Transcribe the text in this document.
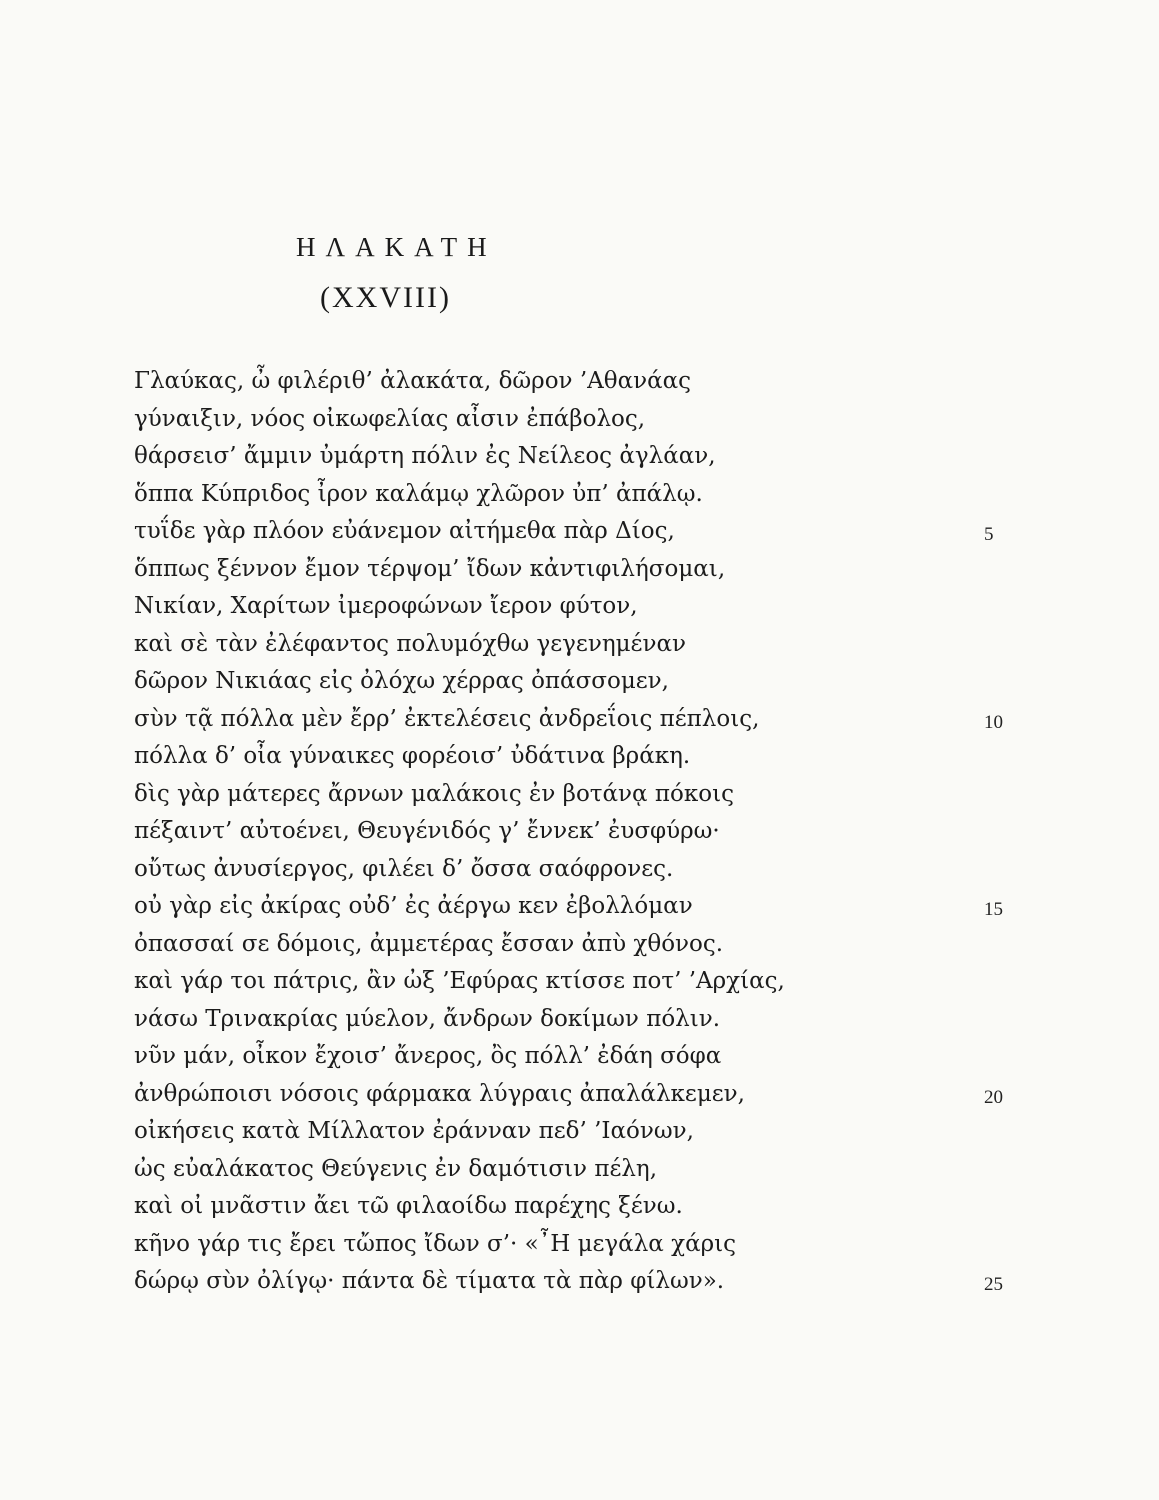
ΗΛΑΚΑΤΗ
(XXVIII)
Γλαύκας, ὦ φιλέριθ’ ἀλακάτα, δῶρον ’Αθανάας
γύναιξιν, νόος οἰκωφελίας αἶσιν ἐπάβολος,
θάρσεισ’ ἄμμιν ὐμάρτη πόλιν ἐς Νείλεος ἀγλάαν,
ὅππα Κύπριδος ἶρον καλάμῳ χλῶρον ὐπ’ ἀπάλῳ.
τυΐδε γὰρ πλόον εὐάνεμον αἰτήμεθα πὰρ Δίος,	5
ὅππως ξέννον ἔμον τέρψομ’ ἴδων κἀντιφιλήσομαι,
Νικίαν, Χαρίτων ἰμεροφώνων ἴερον φύτον,
καὶ σὲ τὰν ἐλέφαντος πολυμόχθω γεγενημέναν
δῶρον Νικιάας εἰς ὀλόχω χέρρας ὀπάσσομεν,
σὺν τᾷ πόλλα μὲν ἔρρ’ ἐκτελέσεις ἀνδρεΐοις πέπλοις,	10
πόλλα δ’ οἶα γύναικες φορέοισ’ ὐδάτινα βράκη.
δὶς γὰρ μάτερες ἄρνων μαλάκοις ἐν βοτάνᾳ πόκοις
πέξαιντ’ αὐτοένει, Θευγένιδός γ’ ἔννεκ’ ἐυσφύρω·
οὔτως ἀνυσίεργος, φιλέει δ’ ὄσσα σαόφρονες.
οὐ γὰρ εἰς ἀκίρας οὐδ’ ἐς ἀέργω κεν ἐβολλόμαν	15
ὀπασσαί σε δόμοις, ἀμμετέρας ἔσσαν ἀπὺ χθόνος.
καὶ γάρ τοι πάτρις, ἂν ὠξ ’Εφύρας κτίσσε ποτ’ ’Αρχίας,
νάσω Τρινακρίας μύελον, ἄνδρων δοκίμων πόλιν.
νῦν μάν, οἶκον ἔχοισ’ ἄνερος, ὂς πόλλ’ ἐδάη σόφα
ἀνθρώποισι νόσοις φάρμακα λύγραις ἀπαλάλκεμεν,	20
οἰκήσεις κατὰ Μίλλατον ἐράνναν πεδ’ ’Ιαόνων,
ὠς εὐαλάκατος Θεύγενις ἐν δαμότισιν πέλη,
καὶ οἰ μνᾶστιν ἄει τῶ φιλαοίδω παρέχης ξένω.
κῆνο γάρ τις ἔρει τὤπος ἴδων σ’· «῏Η μεγάλα χάρις
δώρῳ σὺν ὀλίγῳ· πάντα δὲ τίματα τὰ πὰρ φίλων».	25
